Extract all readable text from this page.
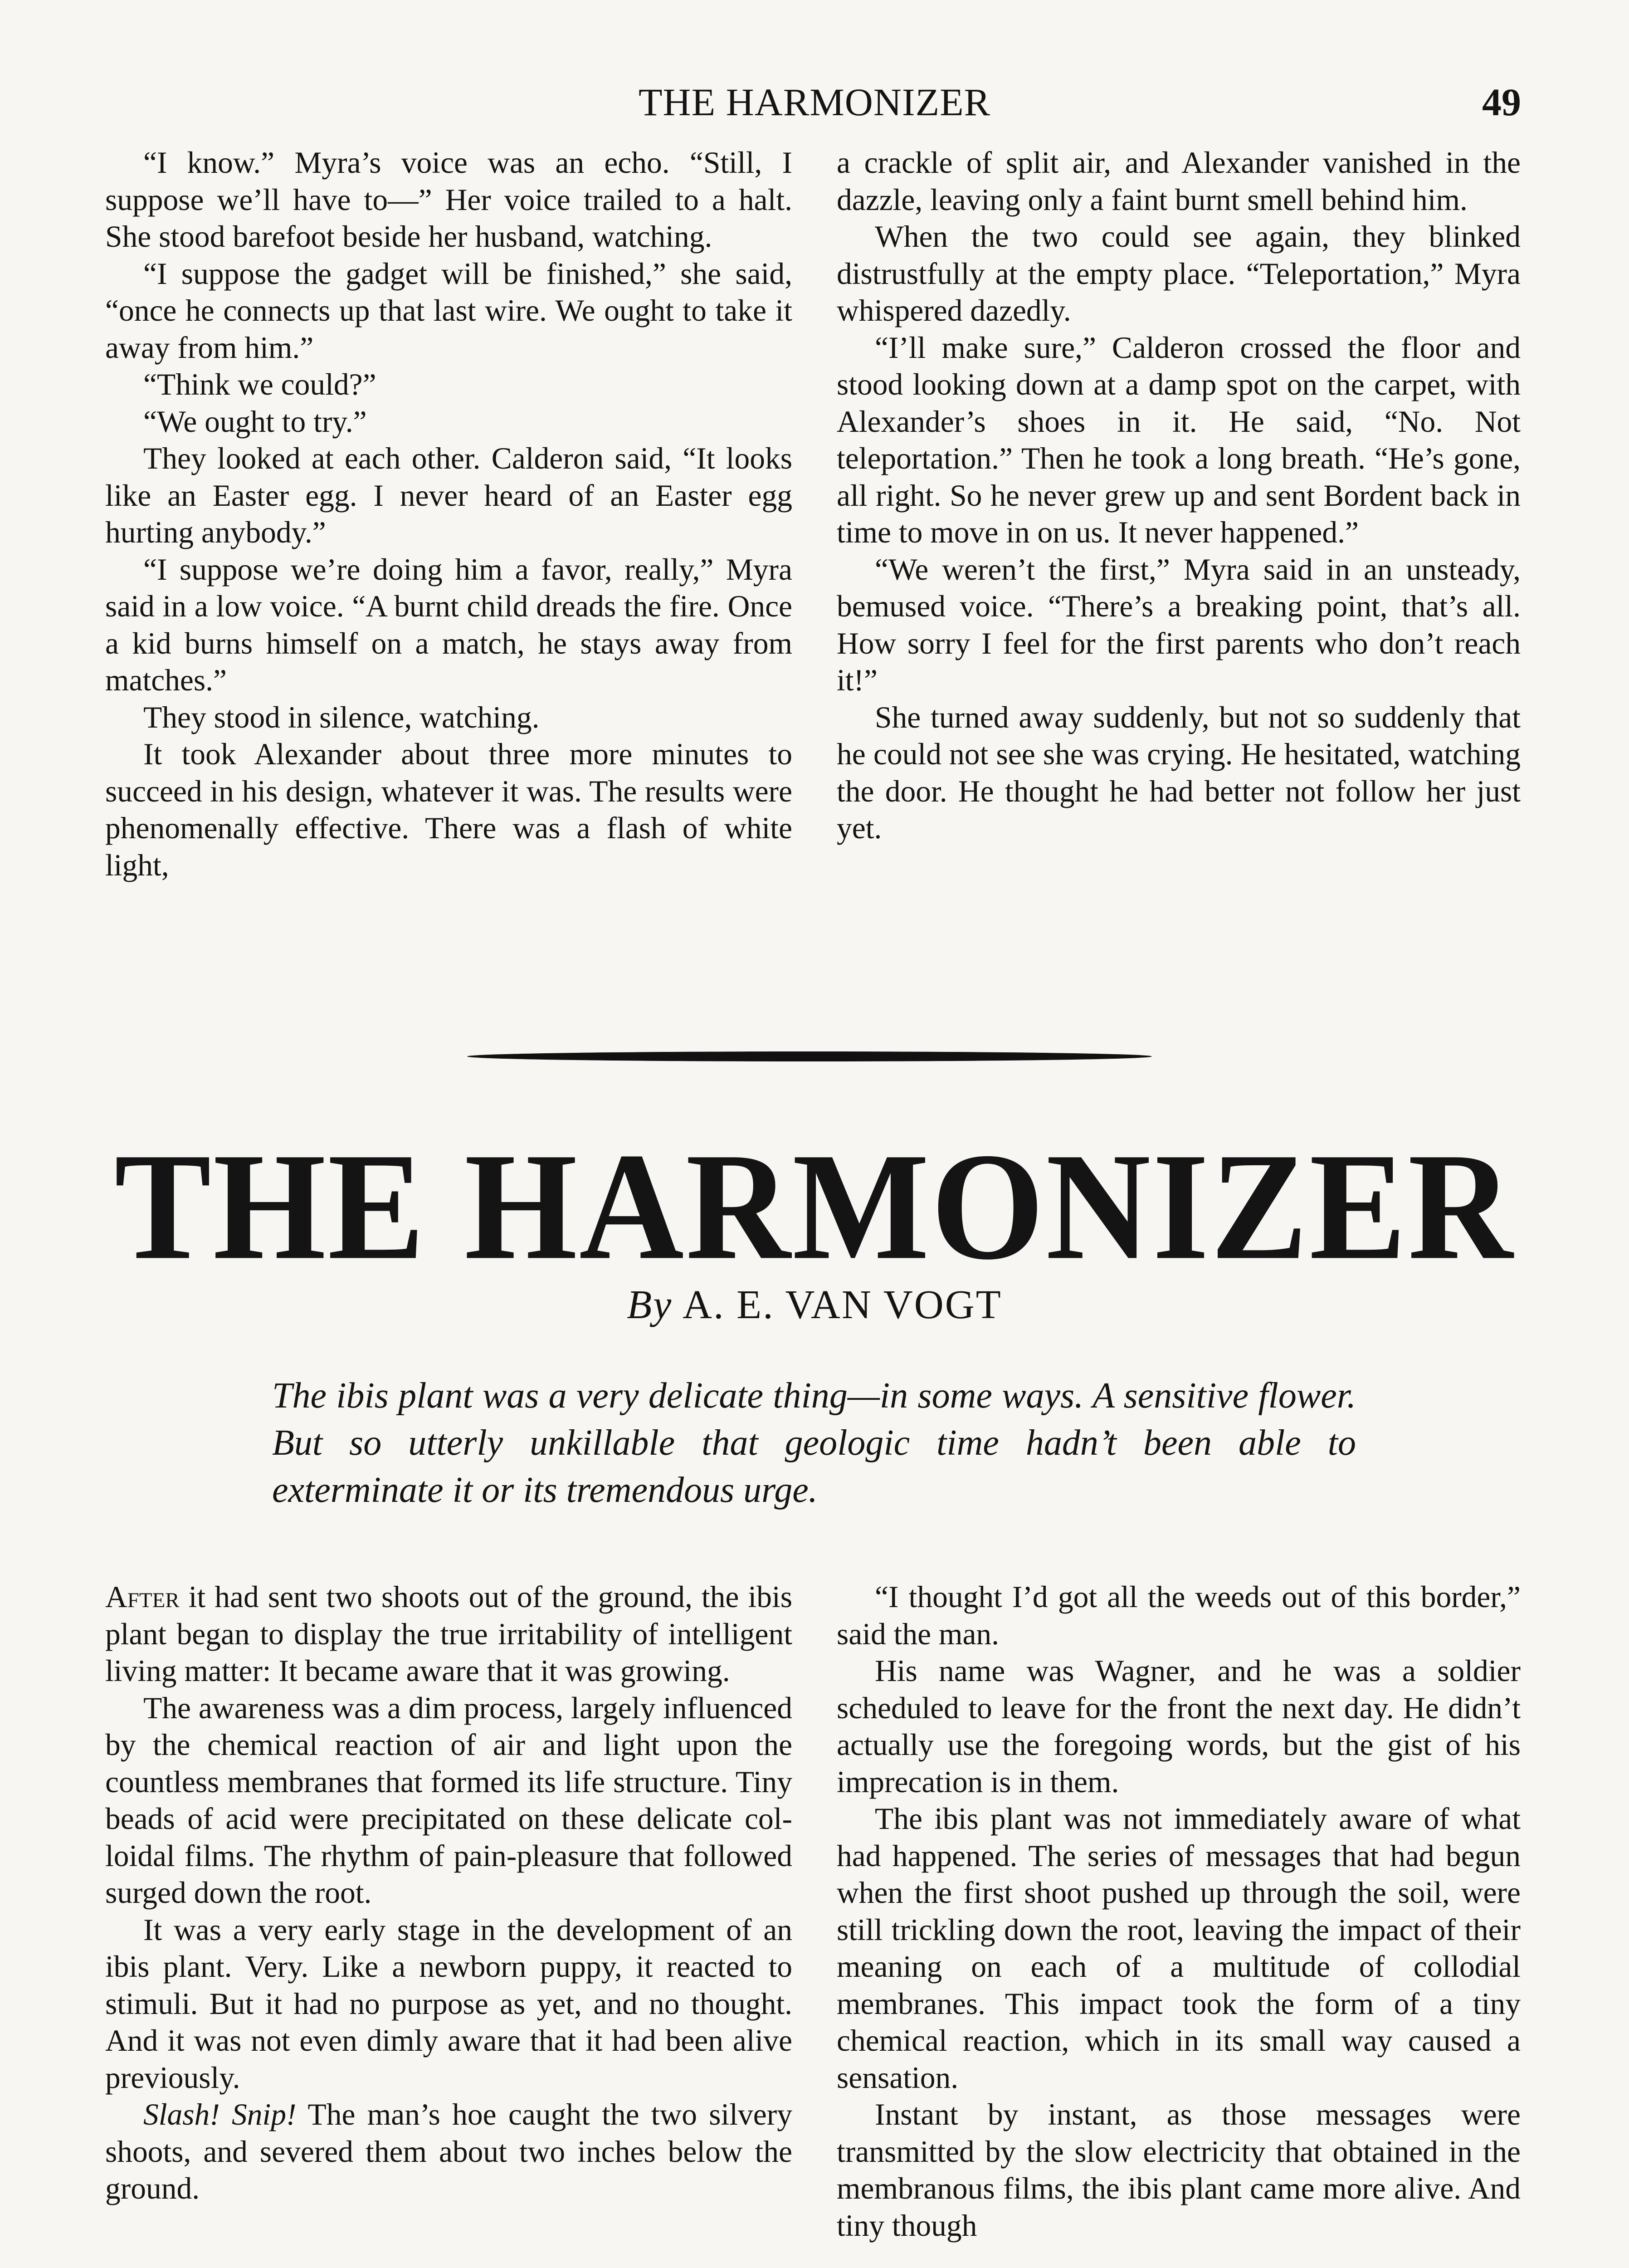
THE HARMONIZER	49

“I know.” Myra’s voice was an echo. “Still, I suppose we’ll have to—” Her voice trailed to a halt. She stood barefoot beside her husband, watching.

“I suppose the gadget will be finished,” she said, “once he connects up that last wire. We ought to take it away from him.”

“Think we could?”

“We ought to try.”

They looked at each other. Calderon said, “It looks like an Easter egg. I never heard of an Easter egg hurting anybody.”

“I suppose we’re doing him a favor, really,” Myra said in a low voice. “A burnt child dreads the fire. Once a kid burns himself on a match, he stays away from matches.”

They stood in silence, watching.

It took Alexander about three more minutes to succeed in his design, whatever it was. The results were phenomenally effective. There was a flash of white light,

a crackle of split air, and Alexander vanished in the dazzle, leaving only a faint burnt smell behind him.

When the two could see again, they blinked distrustfully at the empty place. “Teleportation,” Myra whispered dazedly.

“I’ll make sure,” Calderon crossed the floor and stood looking down at a damp spot on the carpet, with Alexander’s shoes in it. He said, “No. Not teleportation.” Then he took a long breath. “He’s gone, all right. So he never grew up and sent Bordent back in time to move in on us. It never happened.”

“We weren’t the first,” Myra said in an unsteady, bemused voice. “There’s a breaking point, that’s all. How sorry I feel for the first parents who don’t reach it!”

She turned away suddenly, but not so suddenly that he could not see she was crying. He hesitated, watching the door. He thought he had better not follow her just yet.

THE HARMONIZER
By A. E. VAN VOGT
The ibis plant was a very delicate thing—in some ways. A sensitive flower. But so utterly unkillable that geologic time hadn’t been able to exterminate it or its tremendous urge.

After it had sent two shoots out of the ground, the ibis plant began to display the true irritability of intelligent living matter: It became aware that it was growing.

The awareness was a dim process, largely influenced by the chemical reaction of air and light upon the countless membranes that formed its life structure. Tiny beads of acid were precipitated on these delicate colloidal films. The rhythm of pain-pleasure that followed surged down the root.

It was a very early stage in the development of an ibis plant. Very. Like a newborn puppy, it reacted to stimuli. But it had no purpose as yet, and no thought. And it was not even dimly aware that it had been alive previously.

Slash! Snip! The man’s hoe caught the two silvery shoots, and severed them about two inches below the ground.

“I thought I’d got all the weeds out of this border,” said the man.

His name was Wagner, and he was a soldier scheduled to leave for the front the next day. He didn’t actually use the foregoing words, but the gist of his imprecation is in them.

The ibis plant was not immediately aware of what had happened. The series of messages that had begun when the first shoot pushed up through the soil, were still trickling down the root, leaving the impact of their meaning on each of a multitude of collodial membranes. This impact took the form of a tiny chemical reaction, which in its small way caused a sensation.

Instant by instant, as those messages were transmitted by the slow electricity that obtained in the membranous films, the ibis plant came more alive. And tiny though
